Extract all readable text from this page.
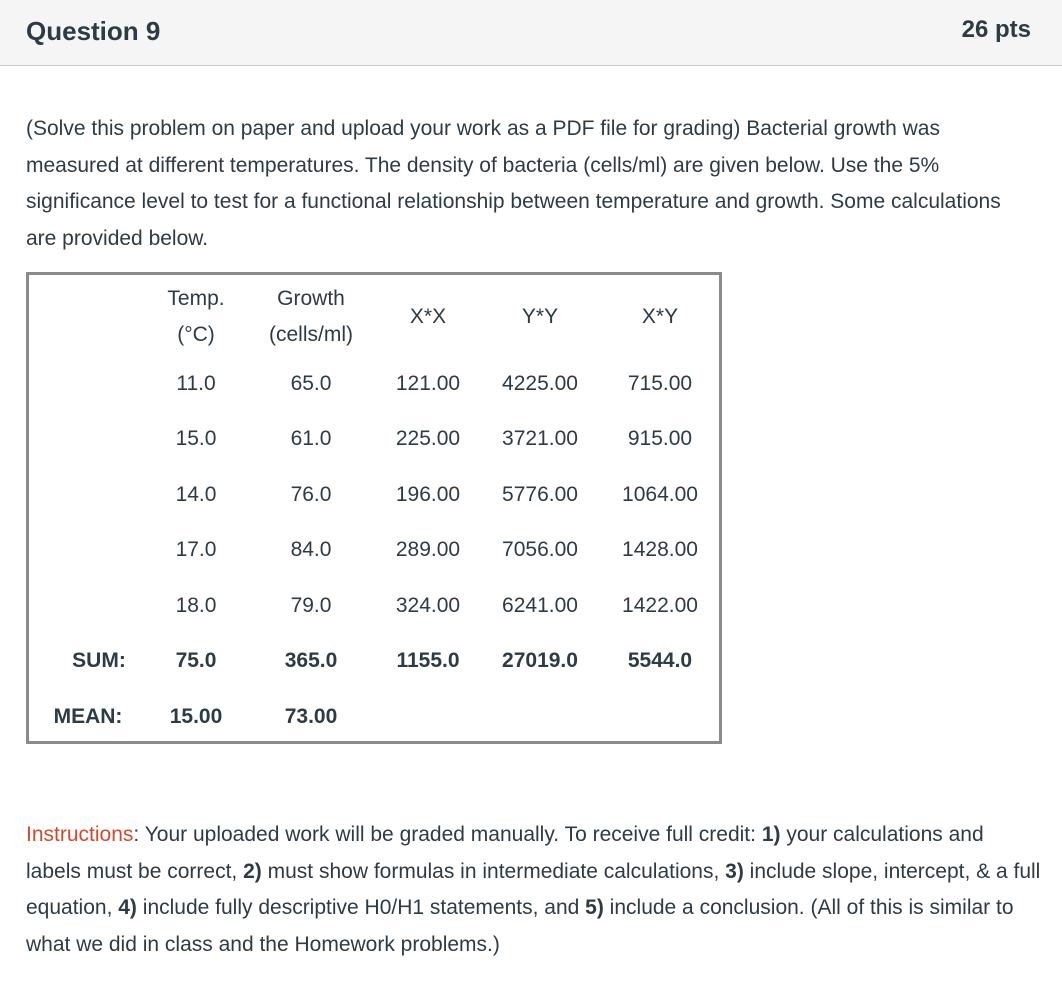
Question 9	26 pts
(Solve this problem on paper and upload your work as a PDF file for grading) Bacterial growth was measured at different temperatures. The density of bacteria (cells/ml) are given below. Use the 5% significance level to test for a functional relationship between temperature and growth. Some calculations are provided below.
Temp.
(°C)
Growth
(cells/ml)
X*X	Y*Y	X*Y
11.0	65.0	121.00 4225.00 715.00
15.0	61.0	225.00 3721.00 915.00
14.0	76.0	196.00 5776.00 1064.00
17.0	84.0	289.00 7056.00 1428.00
18.0	79.0	324.00 6241.00 1422.00
SUM: 75.0	365.0	1155.0 27019.0 5544.0
MEAN: 15.00	73.00
Instructions: Your uploaded work will be graded manually. To receive full credit: 1) your calculations and labels must be correct, 2) must show formulas in intermediate calculations, 3) include slope, intercept, & a full equation, 4) include fully descriptive H0/H1 statements, and 5) include a conclusion. (All of this is similar to what we did in class and the Homework problems.)
